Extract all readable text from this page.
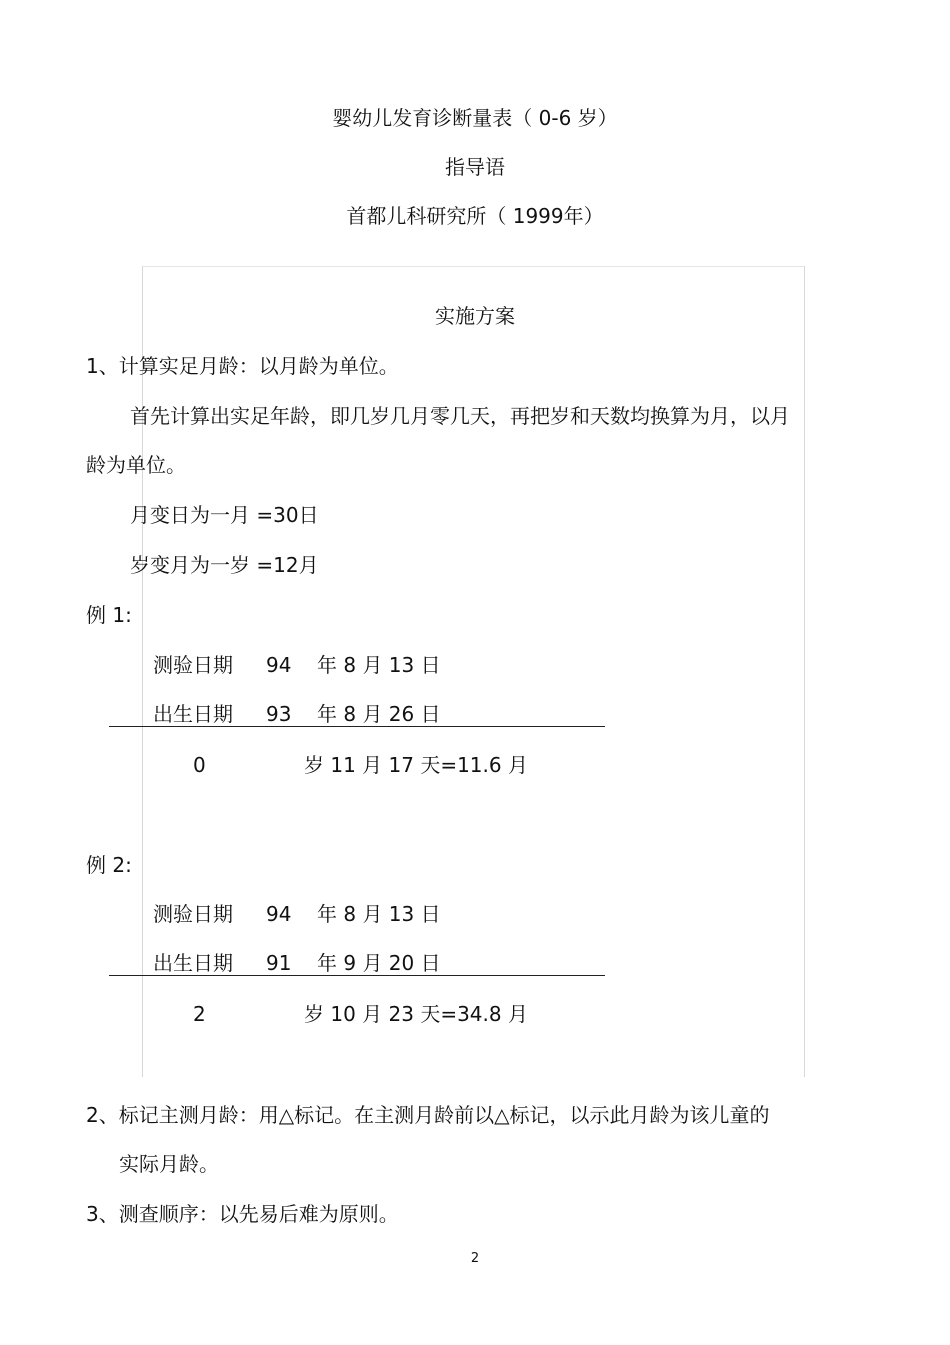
婴幼儿发育诊断量表（ 0-6 岁）
指导语
首都儿科研究所（ 1999年）
实施方案
1、计算实足月龄：以月龄为单位。
首先计算出实足年龄，即几岁几月零几天，再把岁和天数均换算为月，以月
龄为单位。
月变日为一月 =30日
岁变月为一岁 =12月
例 1:
测验日期 94 年 8 月 13 日
出生日期 93 年 8 月 26 日
0	岁 11 月 17 天=11.6 月
例 2:
测验日期 94 年 8 月 13 日
出生日期 91 年 9 月 20 日
2	岁 10 月 23 天=34.8 月
2、标记主测月龄：用△标记。在主测月龄前以△标记，以示此月龄为该儿童的
实际月龄。
3、测查顺序：以先易后难为原则。
2
